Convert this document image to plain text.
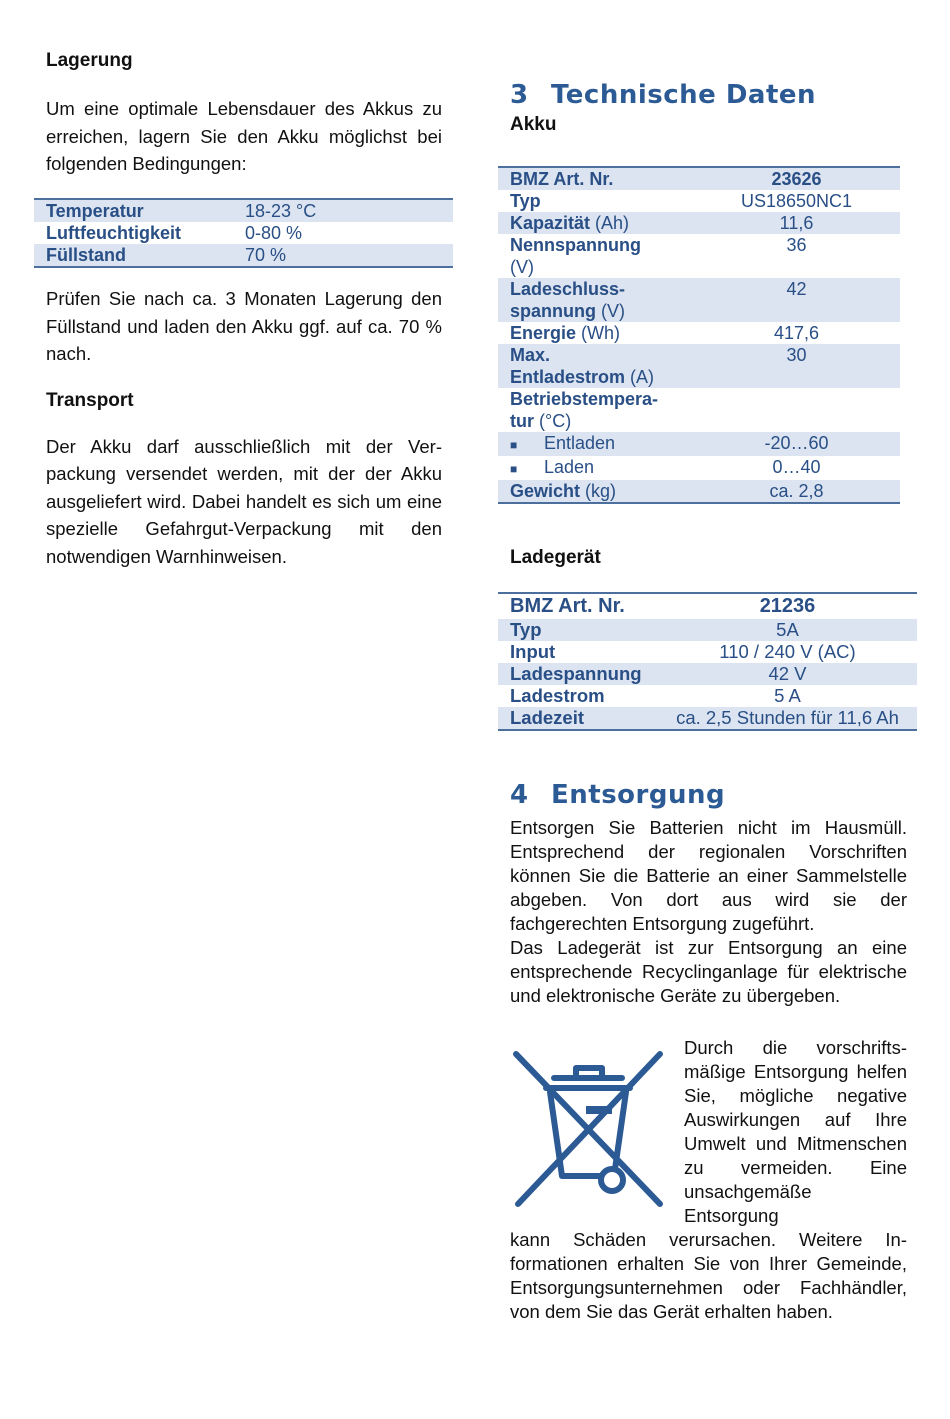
Lagerung

Um eine optimale Lebensdauer des Akkus zu erreichen, lagern Sie den Akku möglichst bei folgenden Bedingungen:

Temperatur	18-23 °C
Luftfeuchtigkeit	0-80 %
Füllstand	70 %

Prüfen Sie nach ca. 3 Monaten Lagerung den Füllstand und laden den Akku ggf. auf ca. 70 % nach.

Transport

Der Akku darf ausschließlich mit der Verpackung versendet werden, mit der der Akku ausgeliefert wird. Dabei handelt es sich um eine spezielle Gefahrgut-Verpackung mit den notwendigen Warnhinweisen.

3 Technische Daten
Akku
BMZ Art. Nr.	23626
Typ	US18650NC1
Kapazität (Ah)	11,6
Nennspannung
(V)	36
Ladeschluss-
spannung (V)	42
Energie (Wh)	417,6
Max.
Entladestrom (A)	30
Betriebstempera-
tur (°C)	
■ Entladen	-20…60
■ Laden	0…40
Gewicht (kg)	ca. 2,8
Ladegerät
BMZ Art. Nr.	21236
Typ	5A
Input	110 / 240 V (AC)
Ladespannung	42 V
Ladestrom	5 A
Ladezeit	ca. 2,5 Stunden für 11,6 Ah
4 Entsorgung

Entsorgen Sie Batterien nicht im Hausmüll. Entsprechend der regionalen Vorschriften können Sie die Batterie an einer Sammelstelle abgeben. Von dort aus wird sie der fachgerechten Entsorgung zugeführt.

Das Ladegerät ist zur Entsorgung an eine entsprechende Recyclinganlage für elektrische und elektronische Geräte zu übergeben.

Durch die vorschriftsmäßige Entsorgung helfen Sie, mögliche negative Auswirkungen auf Ihre Umwelt und Mitmenschen zu vermeiden. Eine unsachgemäße Entsorgung

kann Schäden verursachen. Weitere Informationen erhalten Sie von Ihrer Gemeinde, Entsorgungsunternehmen oder Fachhändler, von dem Sie das Gerät erhalten haben.
